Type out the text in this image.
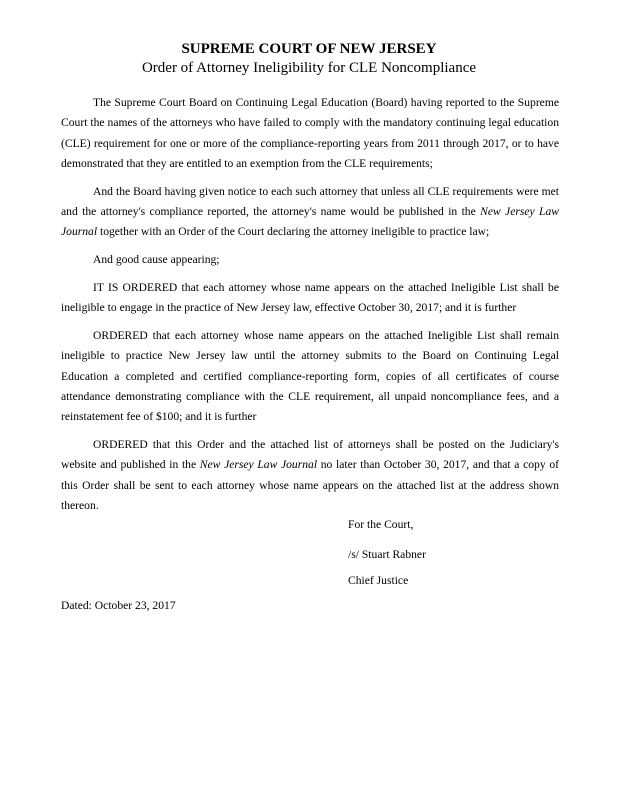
SUPREME COURT OF NEW JERSEY
Order of Attorney Ineligibility for CLE Noncompliance

The Supreme Court Board on Continuing Legal Education (Board) having reported to the Supreme Court the names of the attorneys who have failed to comply with the mandatory continuing legal education (CLE) requirement for one or more of the compliance-reporting years from 2011 through 2017, or to have demonstrated that they are entitled to an exemption from the CLE requirements;

And the Board having given notice to each such attorney that unless all CLE requirements were met and the attorney's compliance reported, the attorney's name would be published in the New Jersey Law Journal together with an Order of the Court declaring the attorney ineligible to practice law;

And good cause appearing;

IT IS ORDERED that each attorney whose name appears on the attached Ineligible List shall be ineligible to engage in the practice of New Jersey law, effective October 30, 2017; and it is further

ORDERED that each attorney whose name appears on the attached Ineligible List shall remain ineligible to practice New Jersey law until the attorney submits to the Board on Continuing Legal Education a completed and certified compliance-reporting form, copies of all certificates of course attendance demonstrating compliance with the CLE requirement, all unpaid noncompliance fees, and a reinstatement fee of $100; and it is further

ORDERED that this Order and the attached list of attorneys shall be posted on the Judiciary's website and published in the New Jersey Law Journal no later than October 30, 2017, and that a copy of this Order shall be sent to each attorney whose name appears on the attached list at the address shown thereon.

For the Court,
/s/ Stuart Rabner
Chief Justice
Dated: October 23, 2017
